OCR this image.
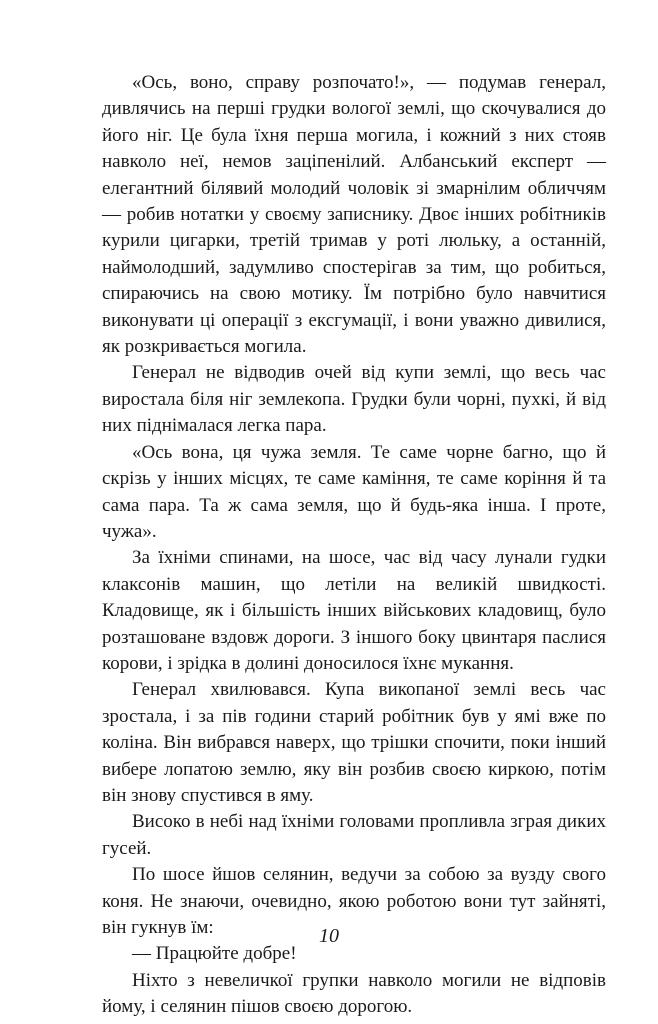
«Ось, воно, справу розпочато!», — подумав генерал, дивлячись на перші грудки вологої землі, що скочувалися до його ніг. Це була їхня перша могила, і кожний з них стояв навколо неї, немов заціпенілий. Албанський експерт — елегантний білявий молодий чоловік зі змарнілим обличчям — робив нотатки у своєму записнику. Двоє інших робітників курили цигарки, третій тримав у роті люльку, а останній, наймолодший, задумливо спостерігав за тим, що робиться, спираючись на свою мотику. Їм потрібно було навчитися виконувати ці операції з ексгумації, і вони уважно дивилися, як розкривається могила.

Генерал не відводив очей від купи землі, що весь час виростала біля ніг землекопа. Грудки були чорні, пухкі, й від них піднімалася легка пара.

«Ось вона, ця чужа земля. Те саме чорне багно, що й скрізь у інших місцях, те саме каміння, те саме коріння й та сама пара. Та ж сама земля, що й будь-яка інша. І проте, чужа».

За їхніми спинами, на шосе, час від часу лунали гудки клаксонів машин, що летіли на великій швидкості. Кладовище, як і більшість інших військових кладовищ, було розташоване вздовж дороги. З іншого боку цвинтаря паслися корови, і зрідка в долині доносилося їхнє мукання.

Генерал хвилювався. Купа викопаної землі весь час зростала, і за пів години старий робітник був у ямі вже по коліна. Він вибрався наверх, що трішки спочити, поки інший вибере лопатою землю, яку він розбив своєю киркою, потім він знову спустився в яму.

Високо в небі над їхніми головами пропливла зграя диких гусей.

По шосе йшов селянин, ведучи за собою за вузду свого коня. Не знаючи, очевидно, якою роботою вони тут зайняті, він гукнув їм:

— Працюйте добре!

Ніхто з невеличкої групки навколо могили не відповів йому, і селянин пішов своєю дорогою.

10
